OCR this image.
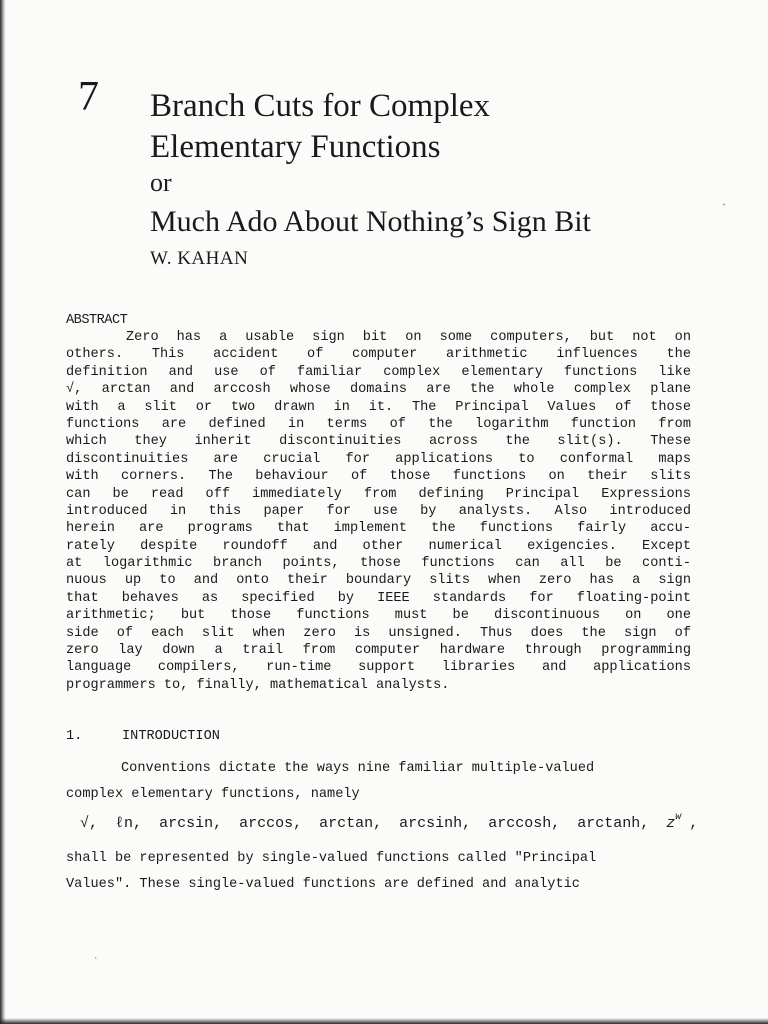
7 Branch Cuts for Complex
Elementary Functions
or
Much Ado About Nothing’s Sign Bit
W. KAHAN
ˏ
ABSTRACT
Zero has a usable sign bit on some computers, but not on
others. This accident of computer arithmetic influences the
definition and use of familiar complex elementary functions like
√, arctan and arccosh whose domains are the whole complex plane
with a slit or two drawn in it. The Principal Values of those
functions are defined in terms of the logarithm function from
which they inherit discontinuities across the slit(s). These
discontinuities are crucial for applications to conformal maps
with corners. The behaviour of those functions on their slits
can be read off immediately from defining Principal Expressions
introduced in this paper for use by analysts. Also introduced
herein are programs that implement the functions fairly accu-
rately despite roundoff and other numerical exigencies. Except
at logarithmic branch points, those functions can all be conti-
nuous up to and onto their boundary slits when zero has a sign
that behaves as specified by IEEE standards for floating-point
arithmetic; but those functions must be discontinuous on one
side of each slit when zero is unsigned. Thus does the sign of
zero lay down a trail from computer hardware through programming
language compilers, run-time support libraries and applications
programmers to, finally, mathematical analysts.
1.	INTRODUCTION
Conventions dictate the ways nine familiar multiple-valued
complex elementary functions, namely
√, ℓn, arcsin, arccos, arctan, arcsinh, arccosh, arctanh, $z^w$ ,
shall be represented by single-valued functions called "Principal
Values". These single-valued functions are defined and analytic
˴
